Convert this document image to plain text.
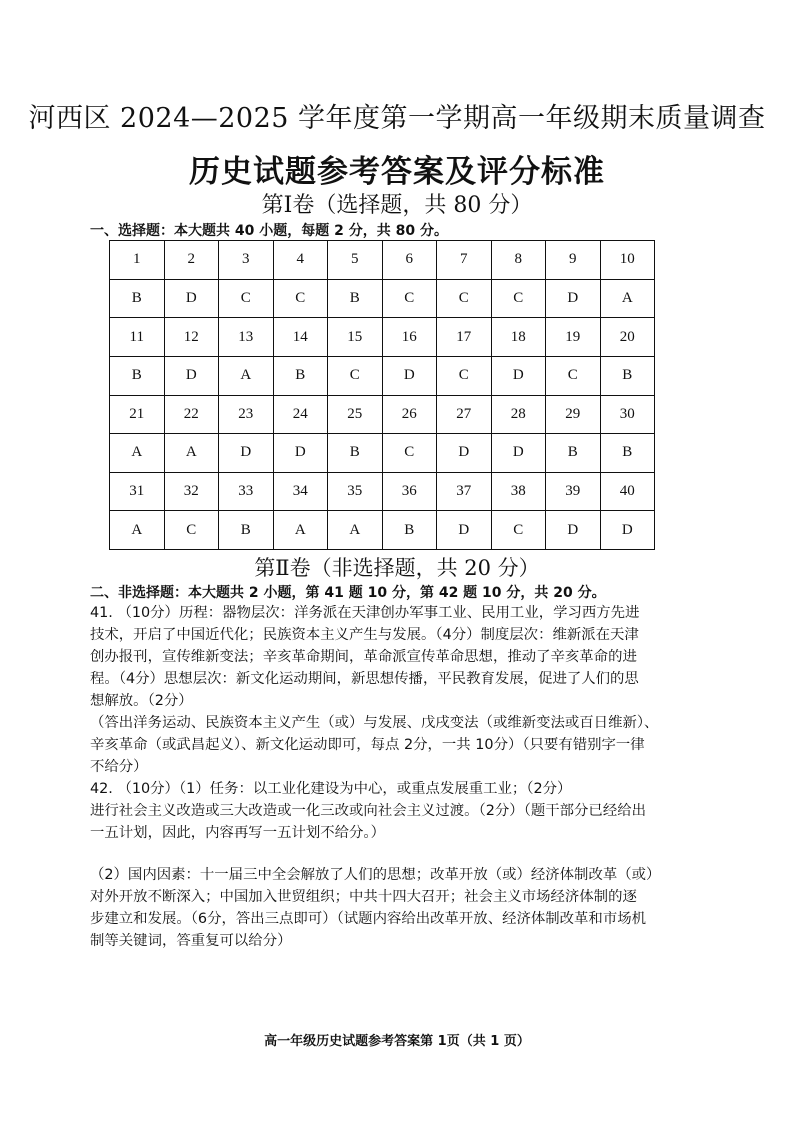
河西区 2024—2025 学年度第一学期高一年级期末质量调查
历史试题参考答案及评分标准
第Ⅰ卷（选择题，共 80 分）
一、选择题：本大题共 40 小题，每题 2 分，共 80 分。
1	2	3	4	5	6	7	8	9	10
B	D	C	C	B	C	C	C	D	A
11	12	13	14	15	16	17	18	19	20
B	D	A	B	C	D	C	D	C	B
21	22	23	24	25	26	27	28	29	30
A	A	D	D	B	C	D	D	B	B
31	32	33	34	35	36	37	38	39	40
A	C	B	A	A	B	D	C	D	D
第Ⅱ卷（非选择题，共 20 分）
二、非选择题：本大题共 2 小题，第 41 题 10 分，第 42 题 10 分，共 20 分。
41. （10分）历程：器物层次：洋务派在天津创办军事工业、民用工业，学习西方先进
技术，开启了中国近代化；民族资本主义产生与发展。（4分）制度层次：维新派在天津
创办报刊，宣传维新变法；辛亥革命期间，革命派宣传革命思想，推动了辛亥革命的进
程。（4分）思想层次：新文化运动期间，新思想传播，平民教育发展，促进了人们的思
想解放。（2分）
（答出洋务运动、民族资本主义产生（或）与发展、戊戌变法（或维新变法或百日维新）、
辛亥革命（或武昌起义）、新文化运动即可，每点 2分，一共 10分）（只要有错别字一律
不给分）
42. （10分）（1）任务：以工业化建设为中心，或重点发展重工业；（2分）
进行社会主义改造或三大改造或一化三改或向社会主义过渡。（2分）（题干部分已经给出
一五计划，因此，内容再写一五计划不给分。）
（2）国内因素：十一届三中全会解放了人们的思想；改革开放（或）经济体制改革（或）
对外开放不断深入；中国加入世贸组织；中共十四大召开；社会主义市场经济体制的逐
步建立和发展。（6分，答出三点即可）（试题内容给出改革开放、经济体制改革和市场机
制等关键词，答重复可以给分）
高一年级历史试题参考答案第 1页（共 1 页）
